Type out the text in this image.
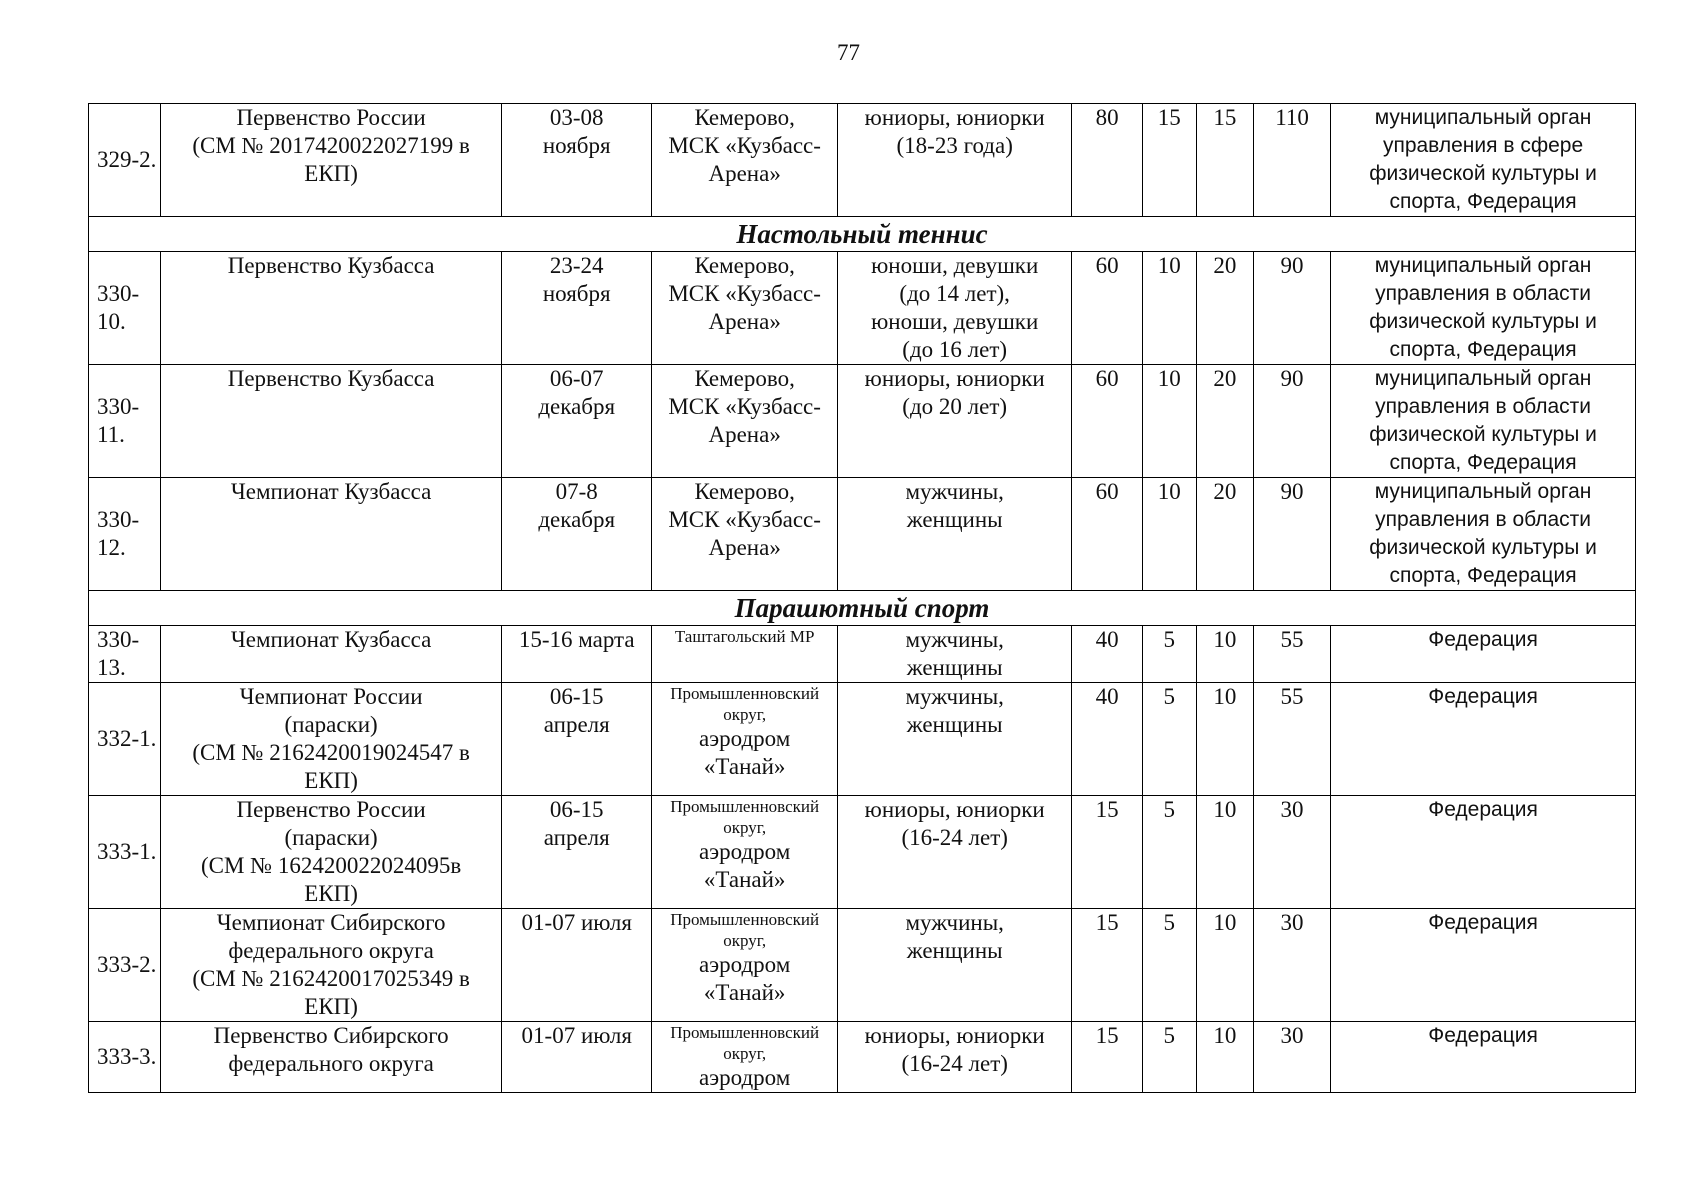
77
329-2.	Первенство России
(СМ № 2017420022027199 в
ЕКП)	03-08
ноября	Кемерово,
МСК «Кузбасс-
Арена»	юниоры, юниорки
(18-23 года)	80	15	15	110	муниципальный орган
управления в сфере
физической культуры и
спорта, Федерация

Настольный теннис									
330-10.	Первенство Кузбасса	23-24
ноября	Кемерово,
МСК «Кузбасс-
Арена»	юноши, девушки
(до 14 лет),
юноши, девушки
(до 16 лет)	60	10	20	90	муниципальный орган
управления в области
физической культуры и
спорта, Федерация

330-11.	Первенство Кузбасса	06-07
декабря	Кемерово,
МСК «Кузбасс-
Арена»	юниоры, юниорки
(до 20 лет)	60	10	20	90	муниципальный орган
управления в области
физической культуры и
спорта, Федерация

330-12.	Чемпионат Кузбасса	07-8
декабря	Кемерово,
МСК «Кузбасс-
Арена»	мужчины,
женщины	60	10	20	90	муниципальный орган
управления в области
физической культуры и
спорта, Федерация

Парашютный спорт									
330-13.	Чемпионат Кузбасса	15-16 марта	Таштагольский МР	мужчины,
женщины	40	5	10	55	Федерация

332-1.	Чемпионат России
(параски)
(СМ № 2162420019024547 в
ЕКП)	06-15
апреля	Промышленновский
округ,
аэродром
«Танай»	мужчины,
женщины	40	5	10	55	Федерация

333-1.	Первенство России
(параски)
(СМ № 162420022024095в
ЕКП)	06-15
апреля	Промышленновский
округ,
аэродром
«Танай»	юниоры, юниорки
(16-24 лет)	15	5	10	30	Федерация

333-2.	Чемпионат Сибирского
федерального округа
(СМ № 2162420017025349 в
ЕКП)	01-07 июля	Промышленновский
округ,
аэродром
«Танай»	мужчины,
женщины	15	5	10	30	Федерация

333-3.	Первенство Сибирского
федерального округа	01-07 июля	Промышленновский
округ,
аэродром	юниоры, юниорки
(16-24 лет)	15	5	10	30	Федерация
